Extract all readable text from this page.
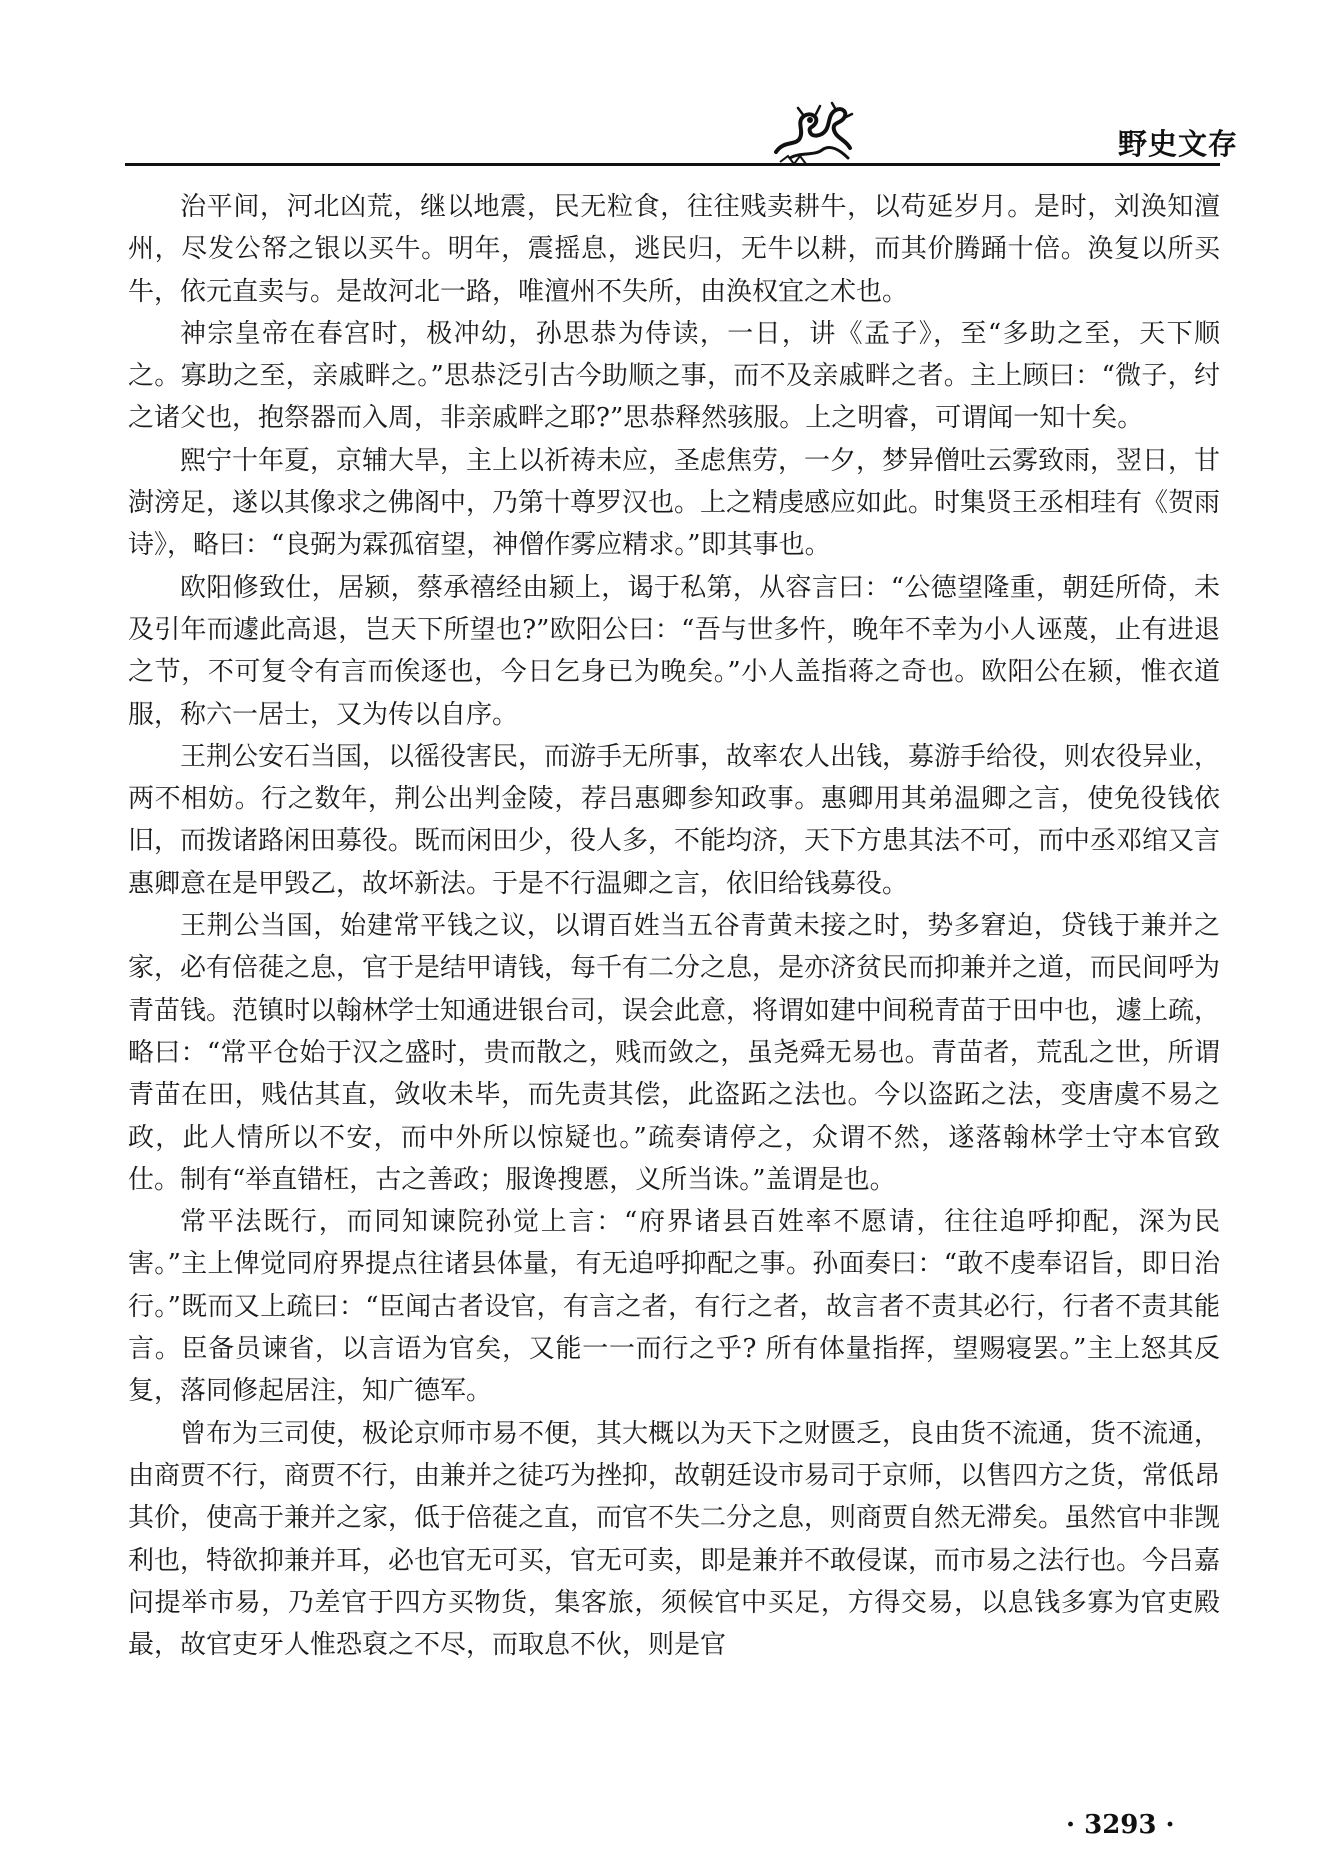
野史文存

治平间，河北凶荒，继以地震，民无粒食，往往贱卖耕牛，以苟延岁月。是时，刘涣知澶州，尽发公帑之银以买牛。明年，震摇息，逃民归，无牛以耕，而其价腾踊十倍。涣复以所买牛，依元直卖与。是故河北一路，唯澶州不失所，由涣权宜之术也。

神宗皇帝在春宫时，极冲幼，孙思恭为侍读，一日，讲《孟子》，至“多助之至，天下顺之。寡助之至，亲戚畔之。”思恭泛引古今助顺之事，而不及亲戚畔之者。主上顾曰：“微子，纣之诸父也，抱祭器而入周，非亲戚畔之耶?”思恭释然骇服。上之明睿，可谓闻一知十矣。

熙宁十年夏，京辅大旱，主上以祈祷未应，圣虑焦劳，一夕，梦异僧吐云雾致雨，翌日，甘澍滂足，遂以其像求之佛阁中，乃第十尊罗汉也。上之精虔感应如此。时集贤王丞相珪有《贺雨诗》，略曰：“良弼为霖孤宿望，神僧作雾应精求。”即其事也。

欧阳修致仕，居颍，蔡承禧经由颍上，谒于私第，从容言曰：“公德望隆重，朝廷所倚，未及引年而遽此高退，岂天下所望也?”欧阳公曰：“吾与世多忤，晚年不幸为小人诬蔑，止有进退之节，不可复令有言而俟逐也，今日乞身已为晚矣。”小人盖指蒋之奇也。欧阳公在颍，惟衣道服，称六一居士，又为传以自序。

王荆公安石当国，以徭役害民，而游手无所事，故率农人出钱，募游手给役，则农役异业，两不相妨。行之数年，荆公出判金陵，荐吕惠卿参知政事。惠卿用其弟温卿之言，使免役钱依旧，而拨诸路闲田募役。既而闲田少，役人多，不能均济，天下方患其法不可，而中丞邓绾又言惠卿意在是甲毁乙，故坏新法。于是不行温卿之言，依旧给钱募役。

王荆公当国，始建常平钱之议，以谓百姓当五谷青黄未接之时，势多窘迫，贷钱于兼并之家，必有倍蓰之息，官于是结甲请钱，每千有二分之息，是亦济贫民而抑兼并之道，而民间呼为青苗钱。范镇时以翰林学士知通进银台司，误会此意，将谓如建中间税青苗于田中也，遽上疏，略曰：“常平仓始于汉之盛时，贵而散之，贱而敛之，虽尧舜无易也。青苗者，荒乱之世，所谓青苗在田，贱估其直，敛收未毕，而先责其偿，此盗跖之法也。今以盗跖之法，变唐虞不易之政，此人情所以不安，而中外所以惊疑也。”疏奏请停之，众谓不然，遂落翰林学士守本官致仕。制有“举直错枉，古之善政；服谗搜慝，义所当诛。”盖谓是也。

常平法既行，而同知谏院孙觉上言：“府界诸县百姓率不愿请，往往追呼抑配，深为民害。”主上俾觉同府界提点往诸县体量，有无追呼抑配之事。孙面奏曰：“敢不虔奉诏旨，即日治行。”既而又上疏曰：“臣闻古者设官，有言之者，有行之者，故言者不责其必行，行者不责其能言。臣备员谏省，以言语为官矣，又能一一而行之乎? 所有体量指挥，望赐寝罢。”主上怒其反复，落同修起居注，知广德军。

曾布为三司使，极论京师市易不便，其大概以为天下之财匮乏，良由货不流通，货不流通，由商贾不行，商贾不行，由兼并之徒巧为挫抑，故朝廷设市易司于京师，以售四方之货，常低昂其价，使高于兼并之家，低于倍蓰之直，而官不失二分之息，则商贾自然无滞矣。虽然官中非觊利也，特欲抑兼并耳，必也官无可买，官无可卖，即是兼并不敢侵谋，而市易之法行也。今吕嘉问提举市易，乃差官于四方买物货，集客旅，须候官中买足，方得交易，以息钱多寡为官吏殿最，故官吏牙人惟恐裒之不尽，而取息不伙，则是官

· 3293 ·
